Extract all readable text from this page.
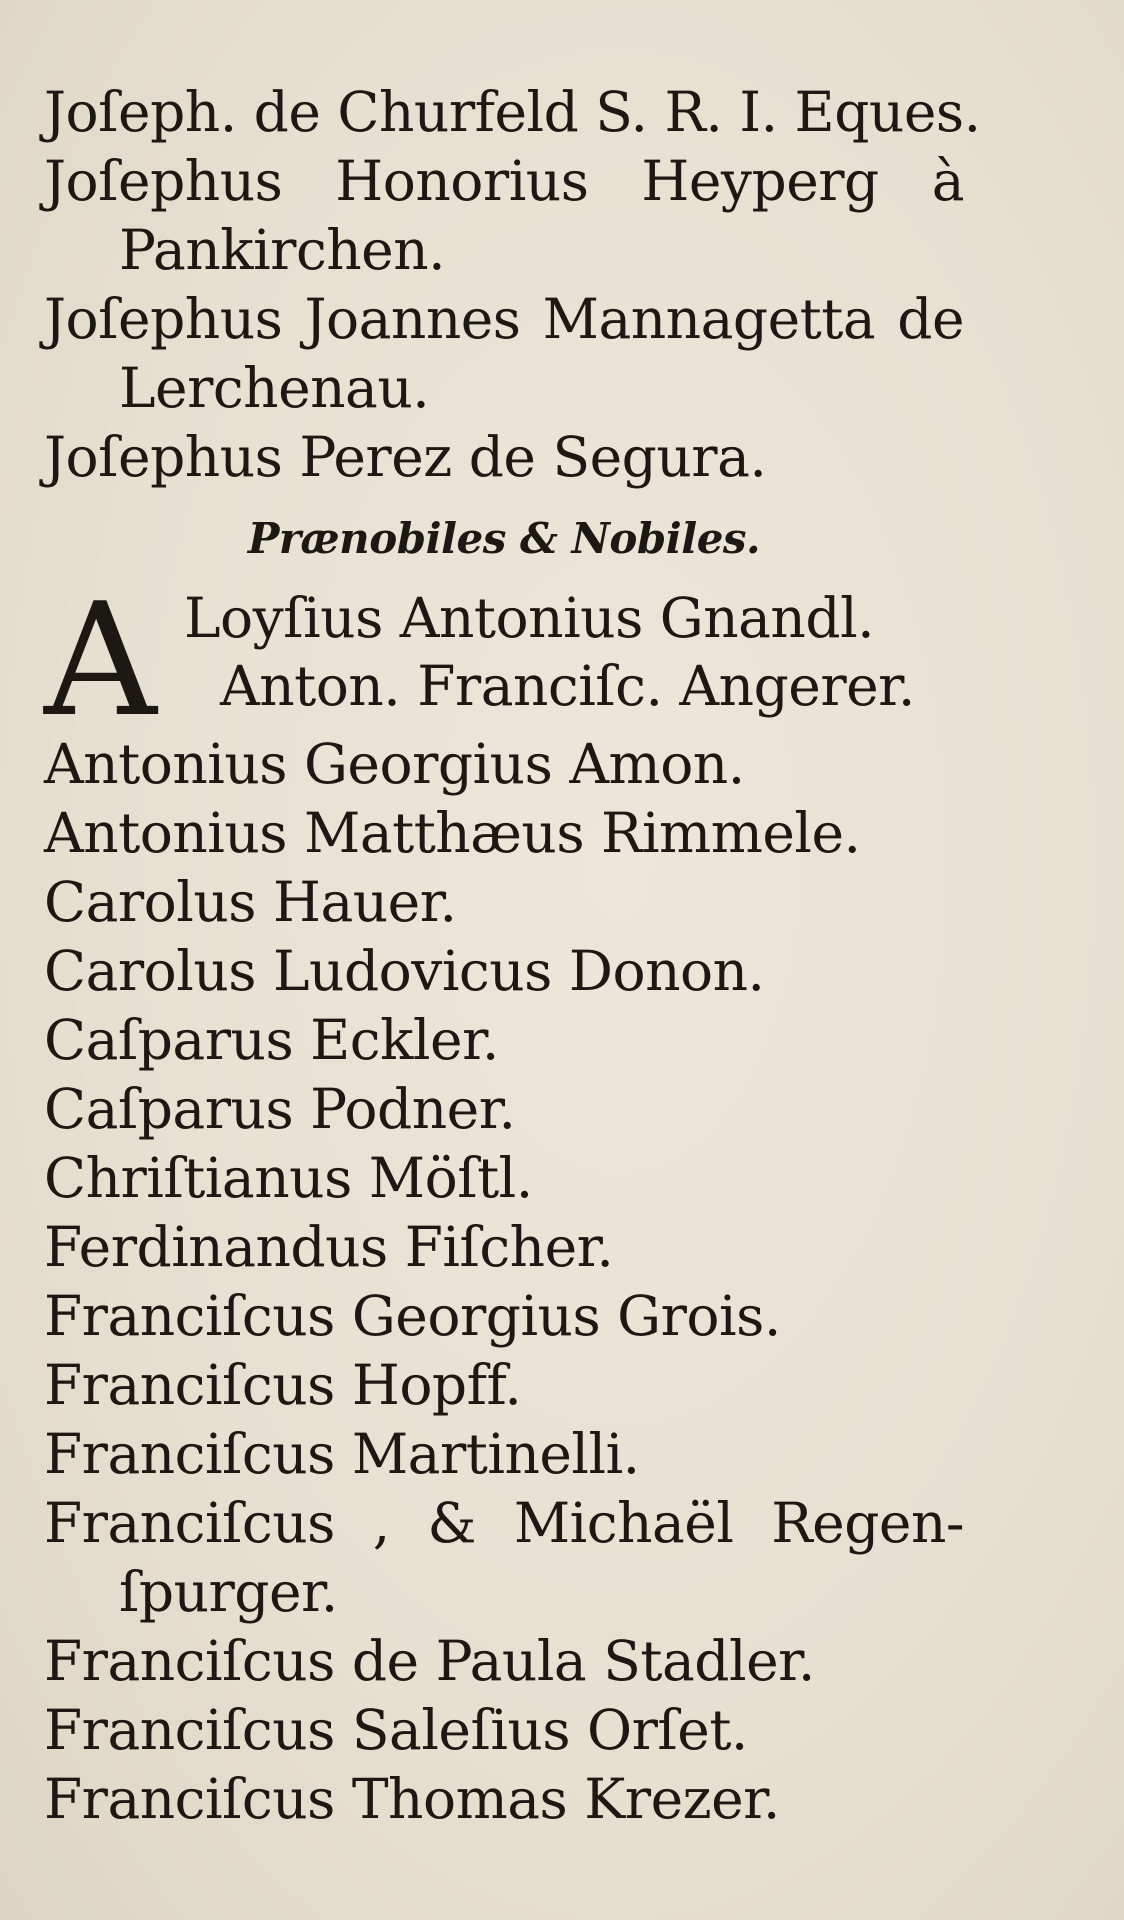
Joſeph. de Churfeld S. R. I. Eques.
Joſephus Honorius Heyperg à
Pankirchen.
Joſephus Joannes Mannagetta de
Lerchenau.
Joſephus Perez de Segura.
Prænobiles & Nobiles.
A Loyſius Antonius Gnandl.
Anton. Franciſc. Angerer.
Antonius Georgius Amon.
Antonius Matthæus Rimmele.
Carolus Hauer.
Carolus Ludovicus Donon.
Caſparus Eckler.
Caſparus Podner.
Chriſtianus Möſtl.
Ferdinandus Fiſcher.
Franciſcus Georgius Grois.
Franciſcus Hopff.
Franciſcus Martinelli.
Franciſcus , & Michaël Regen-
ſpurger.
Franciſcus de Paula Stadler.
Franciſcus Saleſius Orſet.
Franciſcus Thomas Krezer.
